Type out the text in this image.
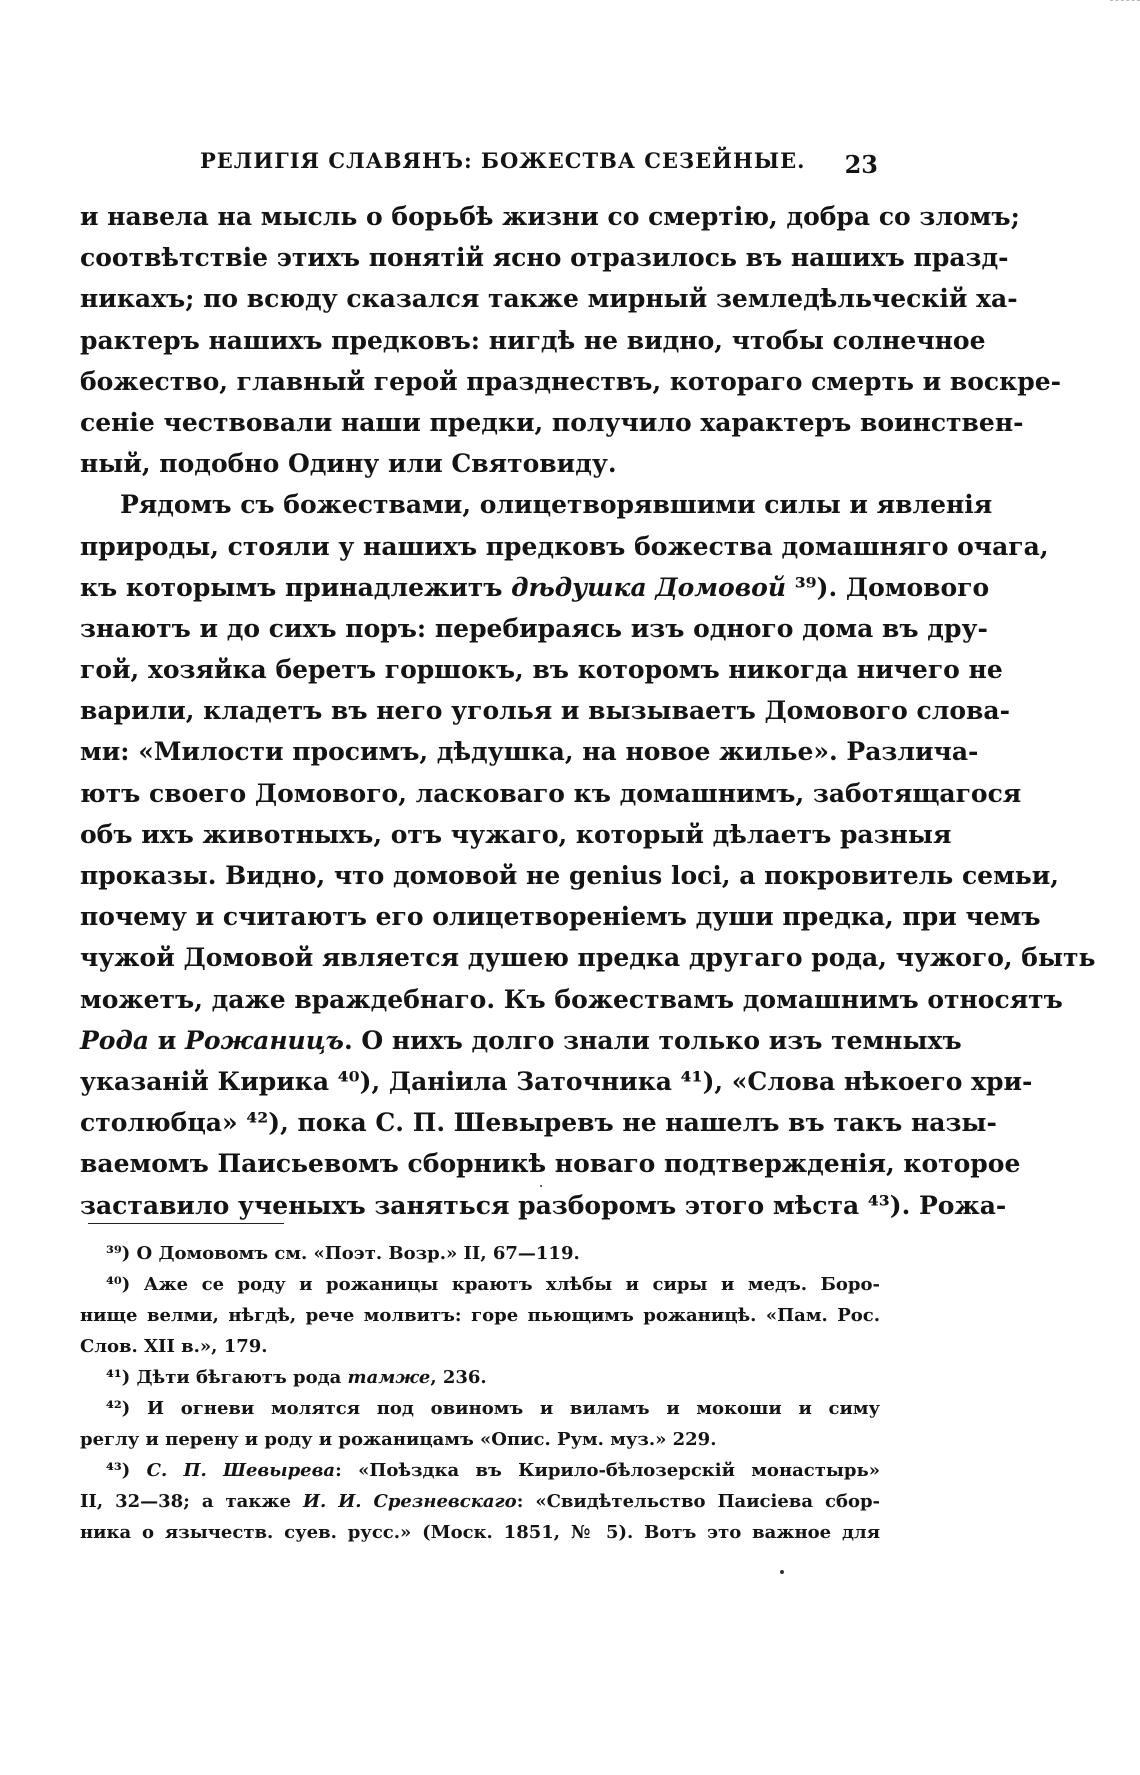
РЕЛИГІЯ СЛАВЯНЪ: БОЖЕСТВА СЕЗЕЙНЫЕ. 23
и навела на мысль о борьбѣ жизни со смертію, добра со зломъ;
соотвѣтствіе этихъ понятій ясно отразилось въ нашихъ празд-
никахъ; по всюду сказался также мирный земледѣльческій ха-
рактеръ нашихъ предковъ: нигдѣ не видно, чтобы солнечное
божество, главный герой празднествъ, котораго смерть и воскре-
сеніе чествовали наши предки, получило характеръ воинствен-
ный, подобно Одину или Святовиду.
Рядомъ съ божествами, олицетворявшими силы и явленія
природы, стояли у нашихъ предковъ божества домашняго очага,
къ которымъ принадлежитъ дѣдушка Домовой ³⁹). Домового
знаютъ и до сихъ поръ: перебираясь изъ одного дома въ дру-
гой, хозяйка беретъ горшокъ, въ которомъ никогда ничего не
варили, кладетъ въ него уголья и вызываетъ Домового слова-
ми: «Милости просимъ, дѣдушка, на новое жилье». Различа-
ютъ своего Домового, ласковаго къ домашнимъ, заботящагося
объ ихъ животныхъ, отъ чужаго, который дѣлаетъ разныя
проказы. Видно, что домовой не genius loci, а покровитель семьи,
почему и считаютъ его олицетвореніемъ души предка, при чемъ
чужой Домовой является душею предка другаго рода, чужого, быть
можетъ, даже враждебнаго. Къ божествамъ домашнимъ относятъ
Рода и Рожаницъ. О нихъ долго знали только изъ темныхъ
указаній Кирика ⁴⁰), Даніила Заточника ⁴¹), «Слова нѣкоего хри-
столюбца» ⁴²), пока С. П. Шевыревъ не нашелъ въ такъ назы-
ваемомъ Паисьевомъ сборникѣ новаго подтвержденія, которое
заставило ученыхъ заняться разборомъ этого мѣста ⁴³). Рожа-
³⁹) О Домовомъ см. «Поэт. Возр.» II, 67—119.
⁴⁰) Аже се роду и рожаницы краютъ хлѣбы и сиры и медъ. Боро-
нище велми, нѣгдѣ, рече молвитъ: горе пьющимъ рожаницѣ. «Пам. Рос.
Слов. XII в.», 179.
⁴¹) Дѣти бѣгаютъ рода тамже, 236.
⁴²) И огневи молятся под овиномъ и виламъ и мокоши и симу
реглу и перену и роду и рожаницамъ «Опис. Рум. муз.» 229.
⁴³) С. П. Шевырева: «Поѣздка въ Кирило-бѣлозерскій монастырь»
II, 32—38; а также И. И. Срезневскаго: «Свидѣтельство Паисіева сбор-
ника о язычеств. суев. русс.» (Моск. 1851, № 5). Вотъ это важное для
